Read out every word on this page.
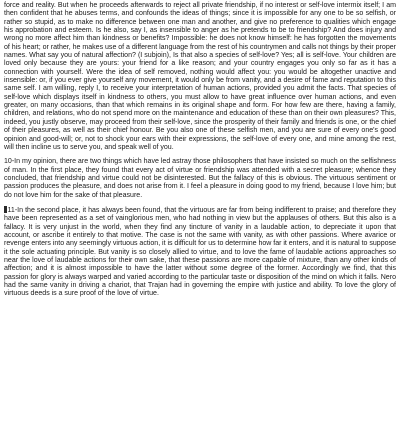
force and reality. But when he proceeds afterwards to reject all private friendship, if no interest or self-love intermix itself; I am then confident that he abuses terms, and confounds the ideas of things; since it is impossible for any one to be so selfish, or rather so stupid, as to make no difference between one man and another, and give no preference to qualities which engage his approbation and esteem. Is he also, say I, as insensible to anger as he pretends to be to friendship? And does injury and wrong no more affect him than kindness or benefits? Impossible: he does not know himself: he has forgotten the movements of his heart; or rather, he makes use of a different language from the rest of his countrymen and calls not things by their proper names. What say you of natural affection? (I subjoin), Is that also a species of self-love? Yes; all is self-love. Your children are loved only because they are yours: your friend for a like reason; and your country engages you only so far as it has a connection with yourself. Were the idea of self removed, nothing would affect you: you would be altogether unactive and insensible: or, if you ever give yourself any movement, it would only be from vanity, and a desire of fame and reputation to this same self. I am willing, reply I, to receive your interpretation of human actions, provided you admit the facts. That species of self-love which displays itself in kindness to others, you must allow to have great influence over human actions, and even greater, on many occasions, than that which remains in its original shape and form. For how few are there, having a family, children, and relations, who do not spend more on the maintenance and education of these than on their own pleasures? This, indeed, you justly observe, may proceed from their self-love, since the prosperity of their family and friends is one, or the chief of their pleasures, as well as their chief honour. Be you also one of these selfish men, and you are sure of every one's good opinion and good-will; or, not to shock your ears with their expressions, the self-love of every one, and mine among the rest, will then incline us to serve you, and speak well of you.

10-In my opinion, there are two things which have led astray those philosophers that have insisted so much on the selfishness of man. In the first place, they found that every act of virtue or friendship was attended with a secret pleasure; whence they concluded, that friendship and virtue could not be disinterested. But the fallacy of this is obvious. The virtuous sentiment or passion produces the pleasure, and does not arise from it. I feel a pleasure in doing good to my friend, because I love him; but do not love him for the sake of that pleasure.

11-In the second place, it has always been found, that the virtuous are far from being indifferent to praise; and therefore they have been represented as a set of vainglorious men, who had nothing in view but the applauses of others. But this also is a fallacy. It is very unjust in the world, when they find any tincture of vanity in a laudable action, to depreciate it upon that account, or ascribe it entirely to that motive. The case is not the same with vanity, as with other passions. Where avarice or revenge enters into any seemingly virtuous action, it is difficult for us to determine how far it enters, and it is natural to suppose it the sole actuating principle. But vanity is so closely allied to virtue, and to love the fame of laudable actions approaches so near the love of laudable actions for their own sake, that these passions are more capable of mixture, than any other kinds of affection; and it is almost impossible to have the latter without some degree of the former. Accordingly we find, that this passion for glory is always warped and varied according to the particular taste or disposition of the mind on which it falls. Nero had the same vanity in driving a chariot, that Trajan had in governing the empire with justice and ability. To love the glory of virtuous deeds is a sure proof of the love of virtue.
